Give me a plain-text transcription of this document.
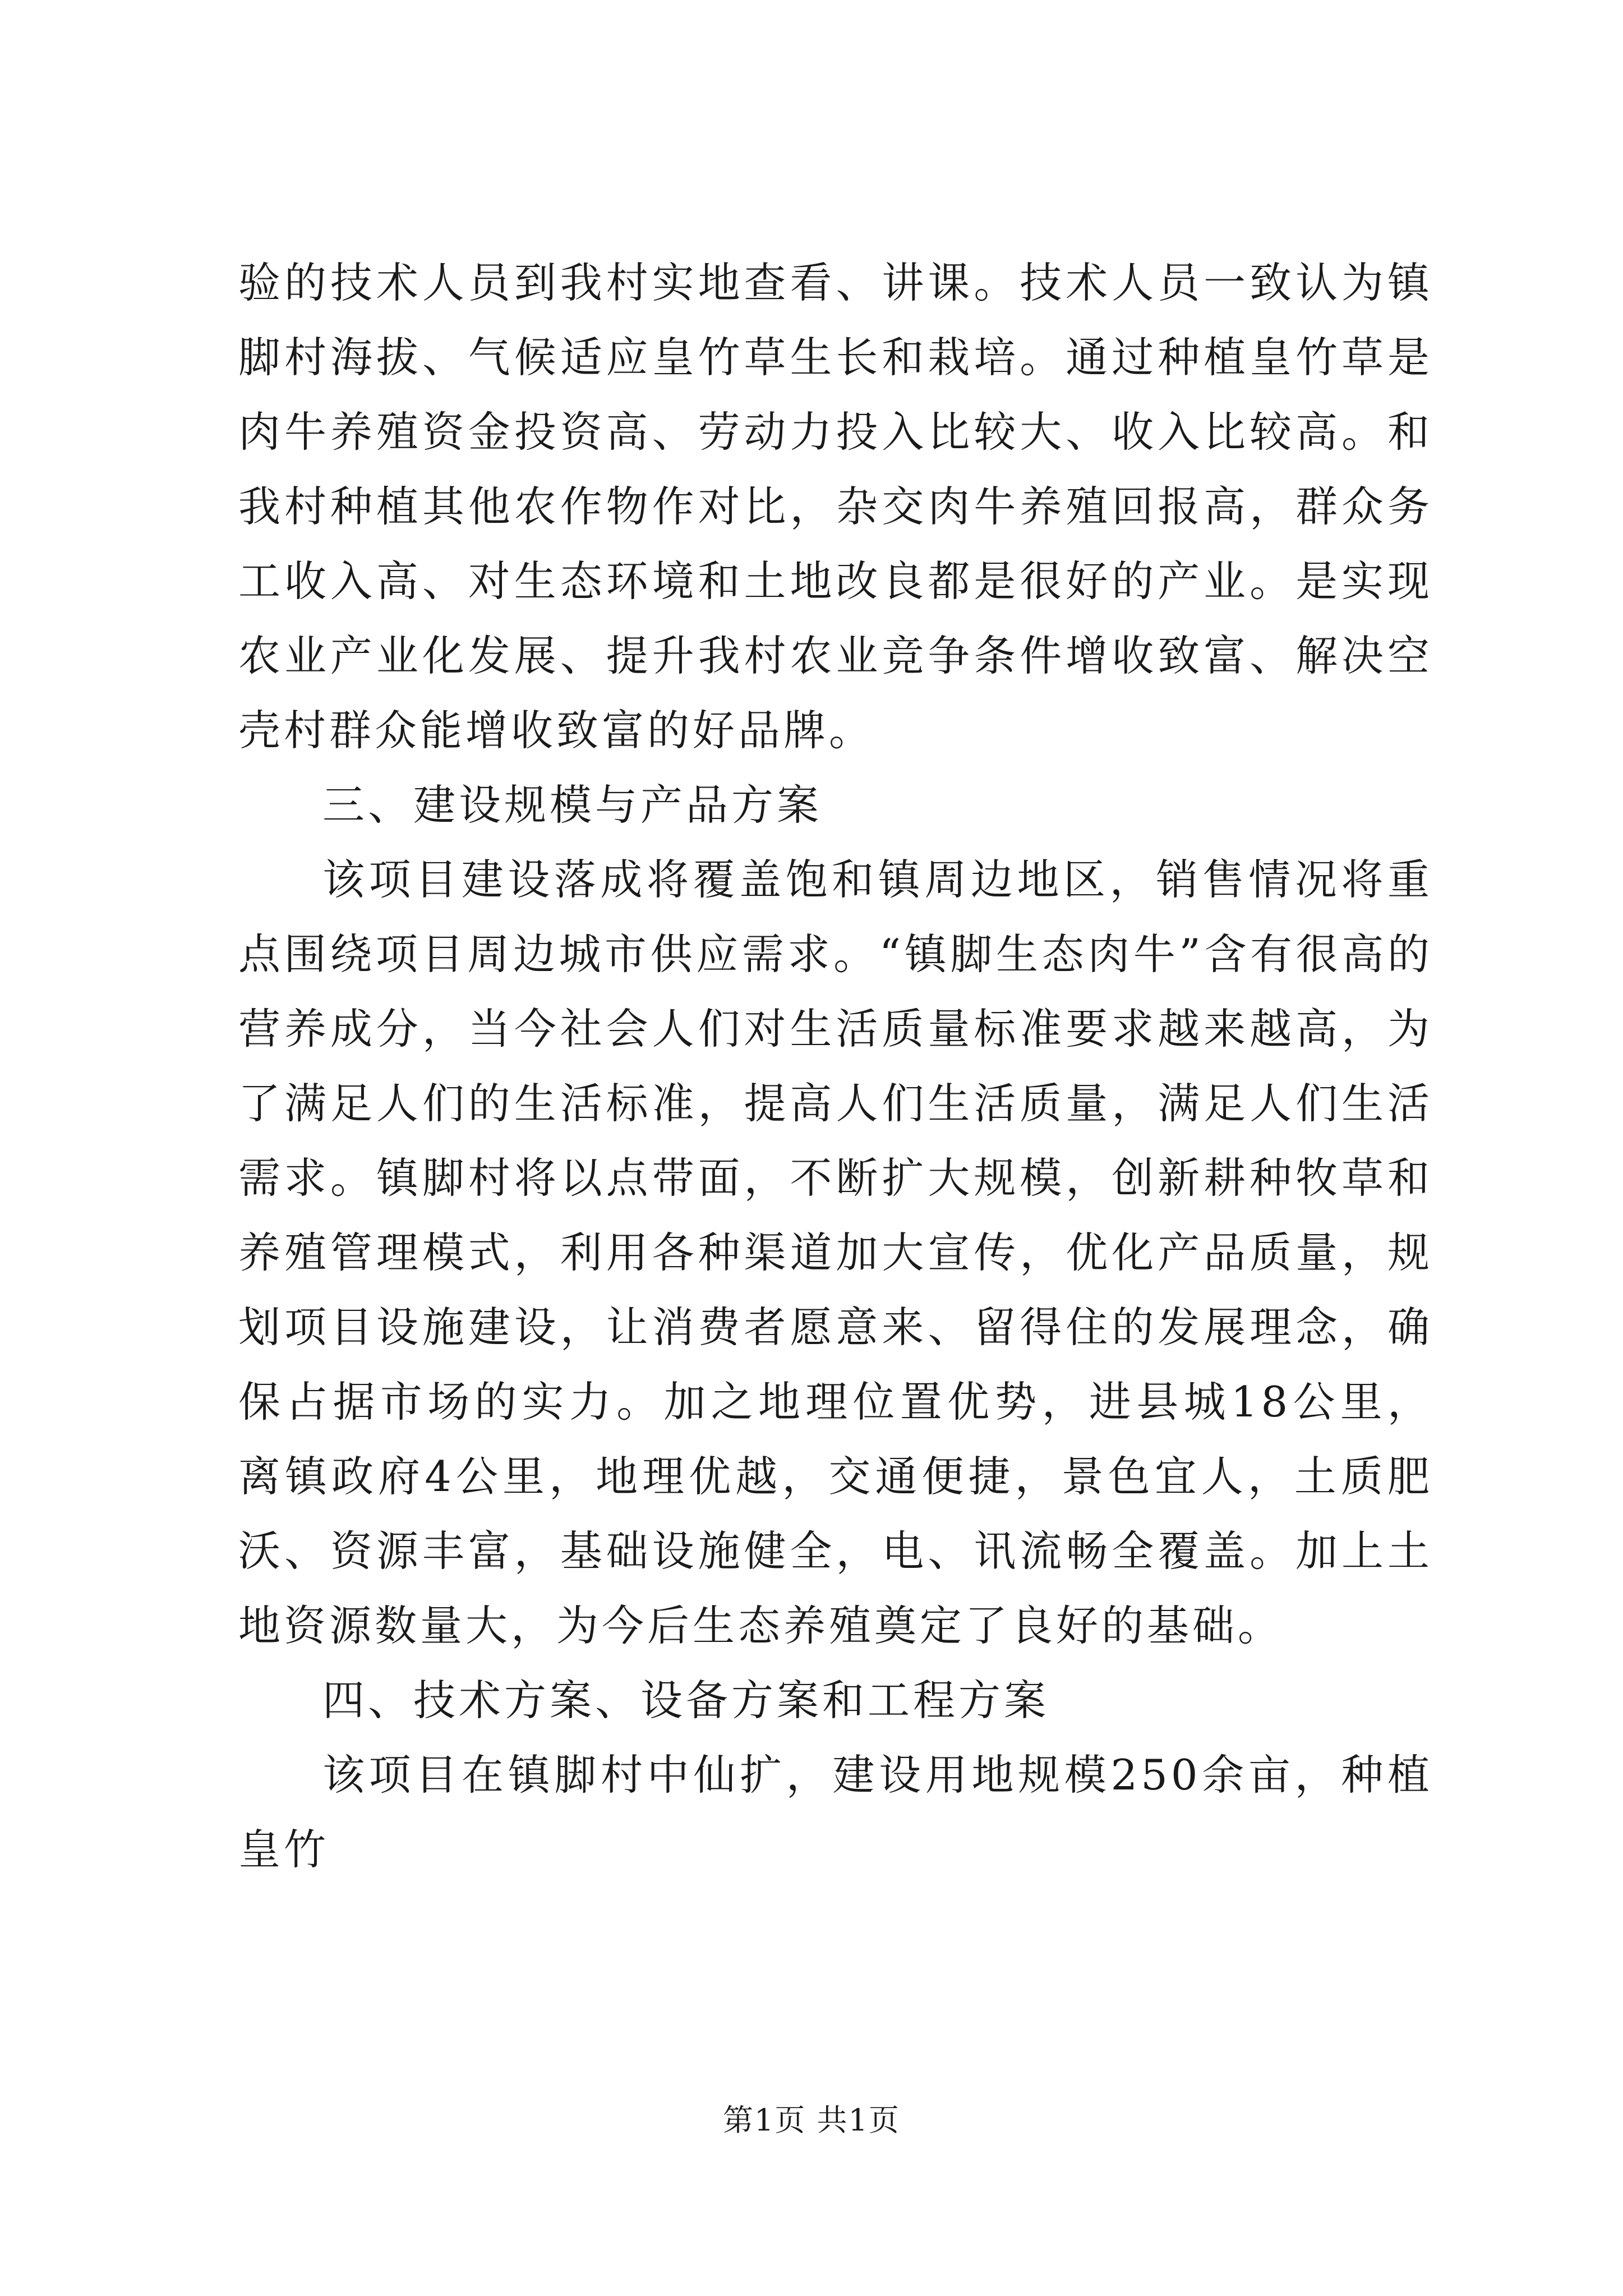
验的技术人员到我村实地查看、讲课。技术人员一致认为镇脚村海拔、气候适应皇竹草生长和栽培。通过种植皇竹草是肉牛养殖资金投资高、劳动力投入比较大、收入比较高。和我村种植其他农作物作对比，杂交肉牛养殖回报高，群众务工收入高、对生态环境和土地改良都是很好的产业。是实现农业产业化发展、提升我村农业竞争条件增收致富、解决空壳村群众能增收致富的好品牌。

三、建设规模与产品方案

该项目建设落成将覆盖饱和镇周边地区，销售情况将重点围绕项目周边城市供应需求。“镇脚生态肉牛”含有很高的营养成分，当今社会人们对生活质量标准要求越来越高，为了满足人们的生活标准，提高人们生活质量，满足人们生活需求。镇脚村将以点带面，不断扩大规模，创新耕种牧草和养殖管理模式，利用各种渠道加大宣传，优化产品质量，规划项目设施建设，让消费者愿意来、留得住的发展理念，确保占据市场的实力。加之地理位置优势，进县城18公里，离镇政府4公里，地理优越，交通便捷，景色宜人，土质肥沃、资源丰富，基础设施健全，电、讯流畅全覆盖。加上土地资源数量大，为今后生态养殖奠定了良好的基础。

四、技术方案、设备方案和工程方案

该项目在镇脚村中仙扩，建设用地规模250余亩，种植皇竹

第1页 共1页
